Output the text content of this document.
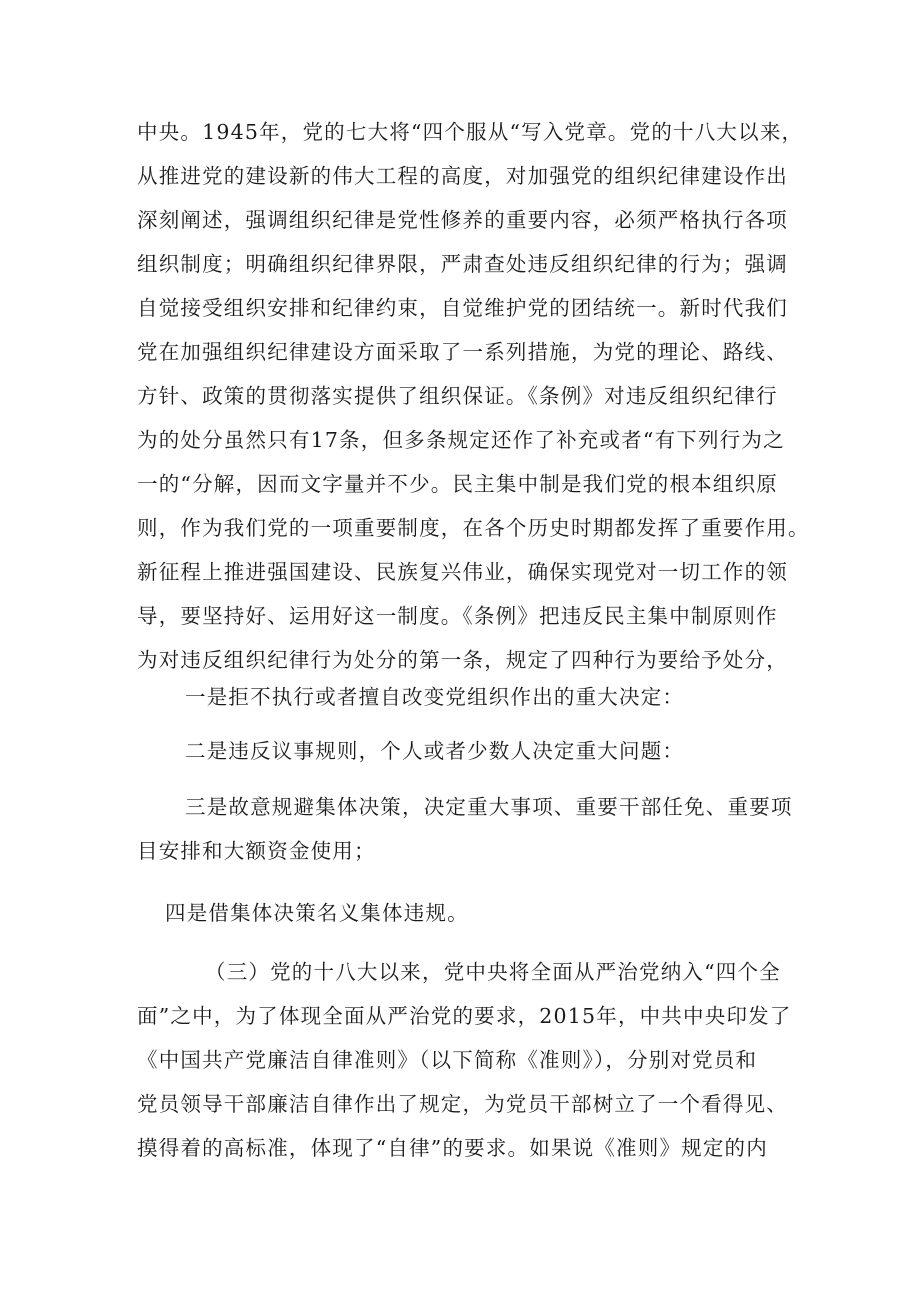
中央。1945年，党的七大将“四个服从“写入党章。党的十八大以来，

从推进党的建设新的伟大工程的高度，对加强党的组织纪律建设作出

深刻阐述，强调组织纪律是党性修养的重要内容，必须严格执行各项

组织制度；明确组织纪律界限，严肃查处违反组织纪律的行为；强调

自觉接受组织安排和纪律约束，自觉维护党的团结统一。新时代我们

党在加强组织纪律建设方面采取了一系列措施，为党的理论、路线、

方针、政策的贯彻落实提供了组织保证。《条例》对违反组织纪律行

为的处分虽然只有17条，但多条规定还作了补充或者“有下列行为之

一的“分解，因而文字量并不少。民主集中制是我们党的根本组织原

则，作为我们党的一项重要制度，在各个历史时期都发挥了重要作用。

新征程上推进强国建设、民族复兴伟业，确保实现党对一切工作的领

导，要坚持好、运用好这一制度。《条例》把违反民主集中制原则作

为对违反组织纪律行为处分的第一条，规定了四种行为要给予处分，

一是拒不执行或者擅自改变党组织作出的重大决定：

二是违反议事规则，个人或者少数人决定重大问题：

三是故意规避集体决策，决定重大事项、重要干部任免、重要项

目安排和大额资金使用；

四是借集体决策名义集体违规。

（三）党的十八大以来，党中央将全面从严治党纳入“四个全

面”之中，为了体现全面从严治党的要求，2015年，中共中央印发了

《中国共产党廉洁自律准则》（以下简称《准则》），分别对党员和

党员领导干部廉洁自律作出了规定，为党员干部树立了一个看得见、

摸得着的高标准，体现了“自律”的要求。如果说《准则》规定的内
